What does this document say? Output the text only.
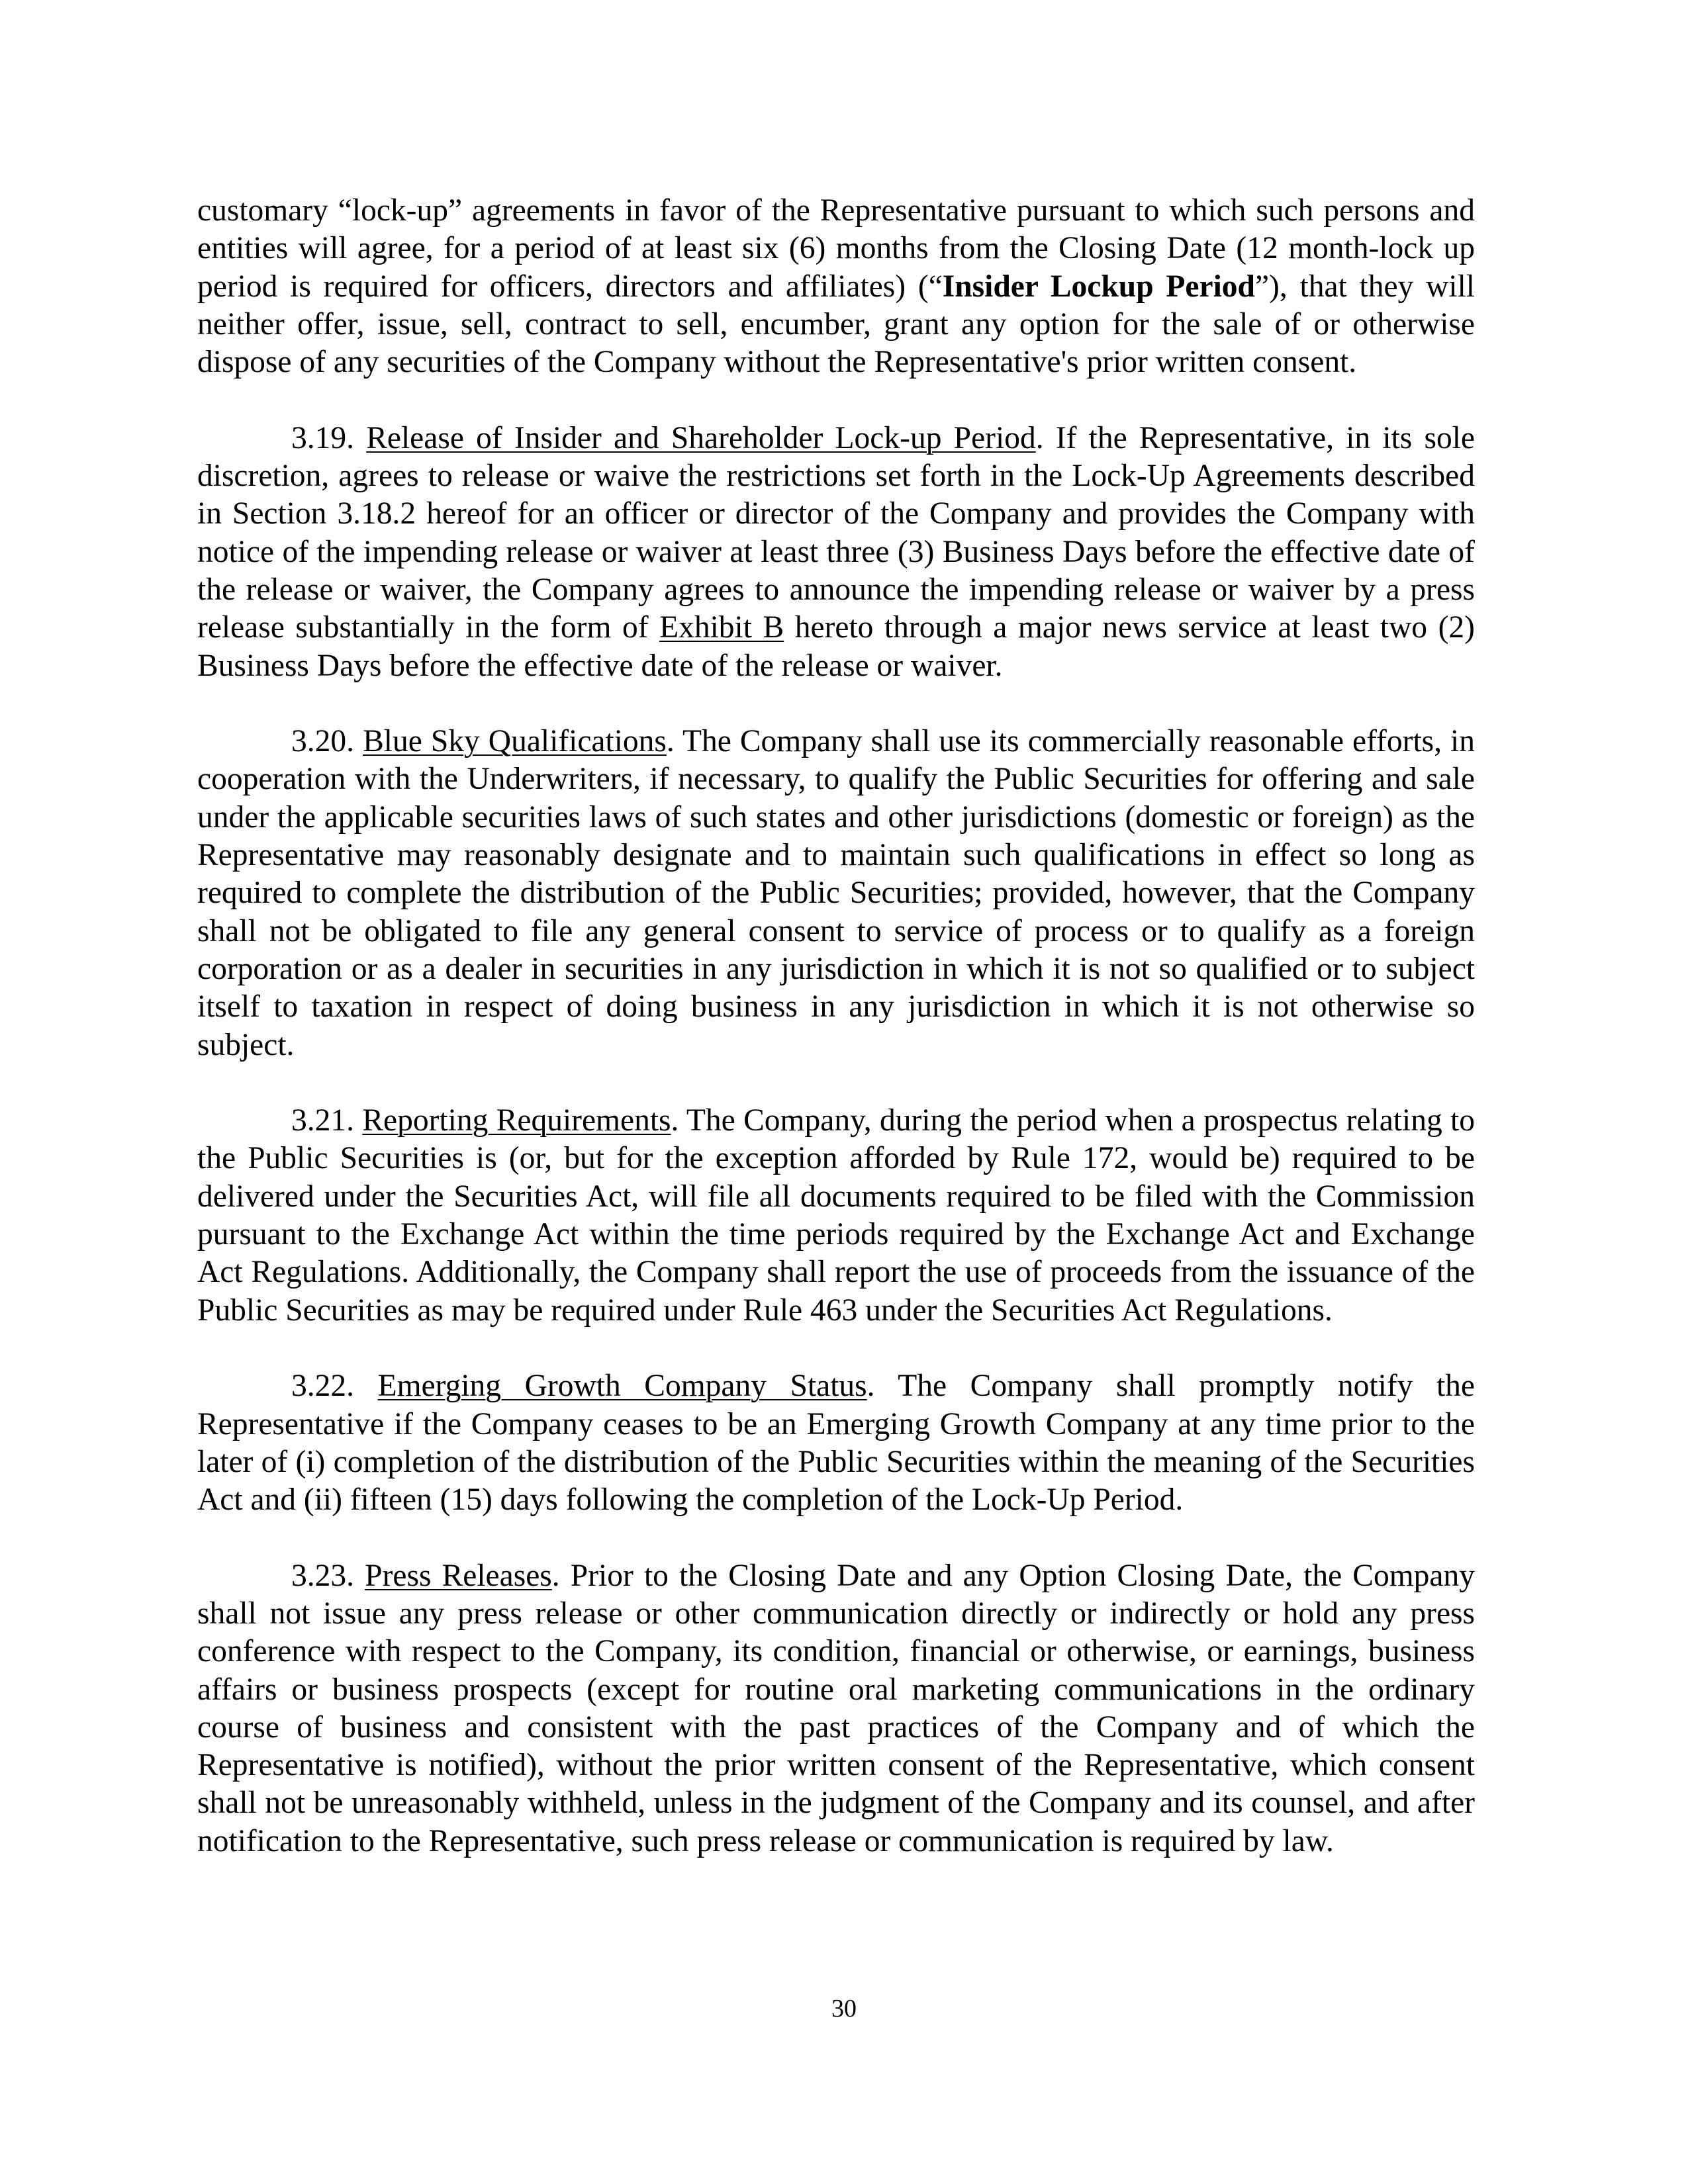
customary “lock-up” agreements in favor of the Representative pursuant to which such persons and entities will agree, for a period of at least six (6) months from the Closing Date (12 month-lock up period is required for officers, directors and affiliates) (“Insider Lockup Period”), that they will neither offer, issue, sell, contract to sell, encumber, grant any option for the sale of or otherwise dispose of any securities of the Company without the Representative's prior written consent.

3.19. Release of Insider and Shareholder Lock-up Period. If the Representative, in its sole discretion, agrees to release or waive the restrictions set forth in the Lock-Up Agreements described in Section 3.18.2 hereof for an officer or director of the Company and provides the Company with notice of the impending release or waiver at least three (3) Business Days before the effective date of the release or waiver, the Company agrees to announce the impending release or waiver by a press release substantially in the form of Exhibit B hereto through a major news service at least two (2) Business Days before the effective date of the release or waiver.

3.20. Blue Sky Qualifications. The Company shall use its commercially reasonable efforts, in cooperation with the Underwriters, if necessary, to qualify the Public Securities for offering and sale under the applicable securities laws of such states and other jurisdictions (domestic or foreign) as the Representative may reasonably designate and to maintain such qualifications in effect so long as required to complete the distribution of the Public Securities; provided, however, that the Company shall not be obligated to file any general consent to service of process or to qualify as a foreign corporation or as a dealer in securities in any jurisdiction in which it is not so qualified or to subject itself to taxation in respect of doing business in any jurisdiction in which it is not otherwise so subject.

3.21. Reporting Requirements. The Company, during the period when a prospectus relating to the Public Securities is (or, but for the exception afforded by Rule 172, would be) required to be delivered under the Securities Act, will file all documents required to be filed with the Commission pursuant to the Exchange Act within the time periods required by the Exchange Act and Exchange Act Regulations. Additionally, the Company shall report the use of proceeds from the issuance of the Public Securities as may be required under Rule 463 under the Securities Act Regulations.

3.22. Emerging Growth Company Status. The Company shall promptly notify the Representative if the Company ceases to be an Emerging Growth Company at any time prior to the later of (i) completion of the distribution of the Public Securities within the meaning of the Securities Act and (ii) fifteen (15) days following the completion of the Lock-Up Period.

3.23. Press Releases. Prior to the Closing Date and any Option Closing Date, the Company shall not issue any press release or other communication directly or indirectly or hold any press conference with respect to the Company, its condition, financial or otherwise, or earnings, business affairs or business prospects (except for routine oral marketing communications in the ordinary course of business and consistent with the past practices of the Company and of which the Representative is notified), without the prior written consent of the Representative, which consent shall not be unreasonably withheld, unless in the judgment of the Company and its counsel, and after notification to the Representative, such press release or communication is required by law.

30
